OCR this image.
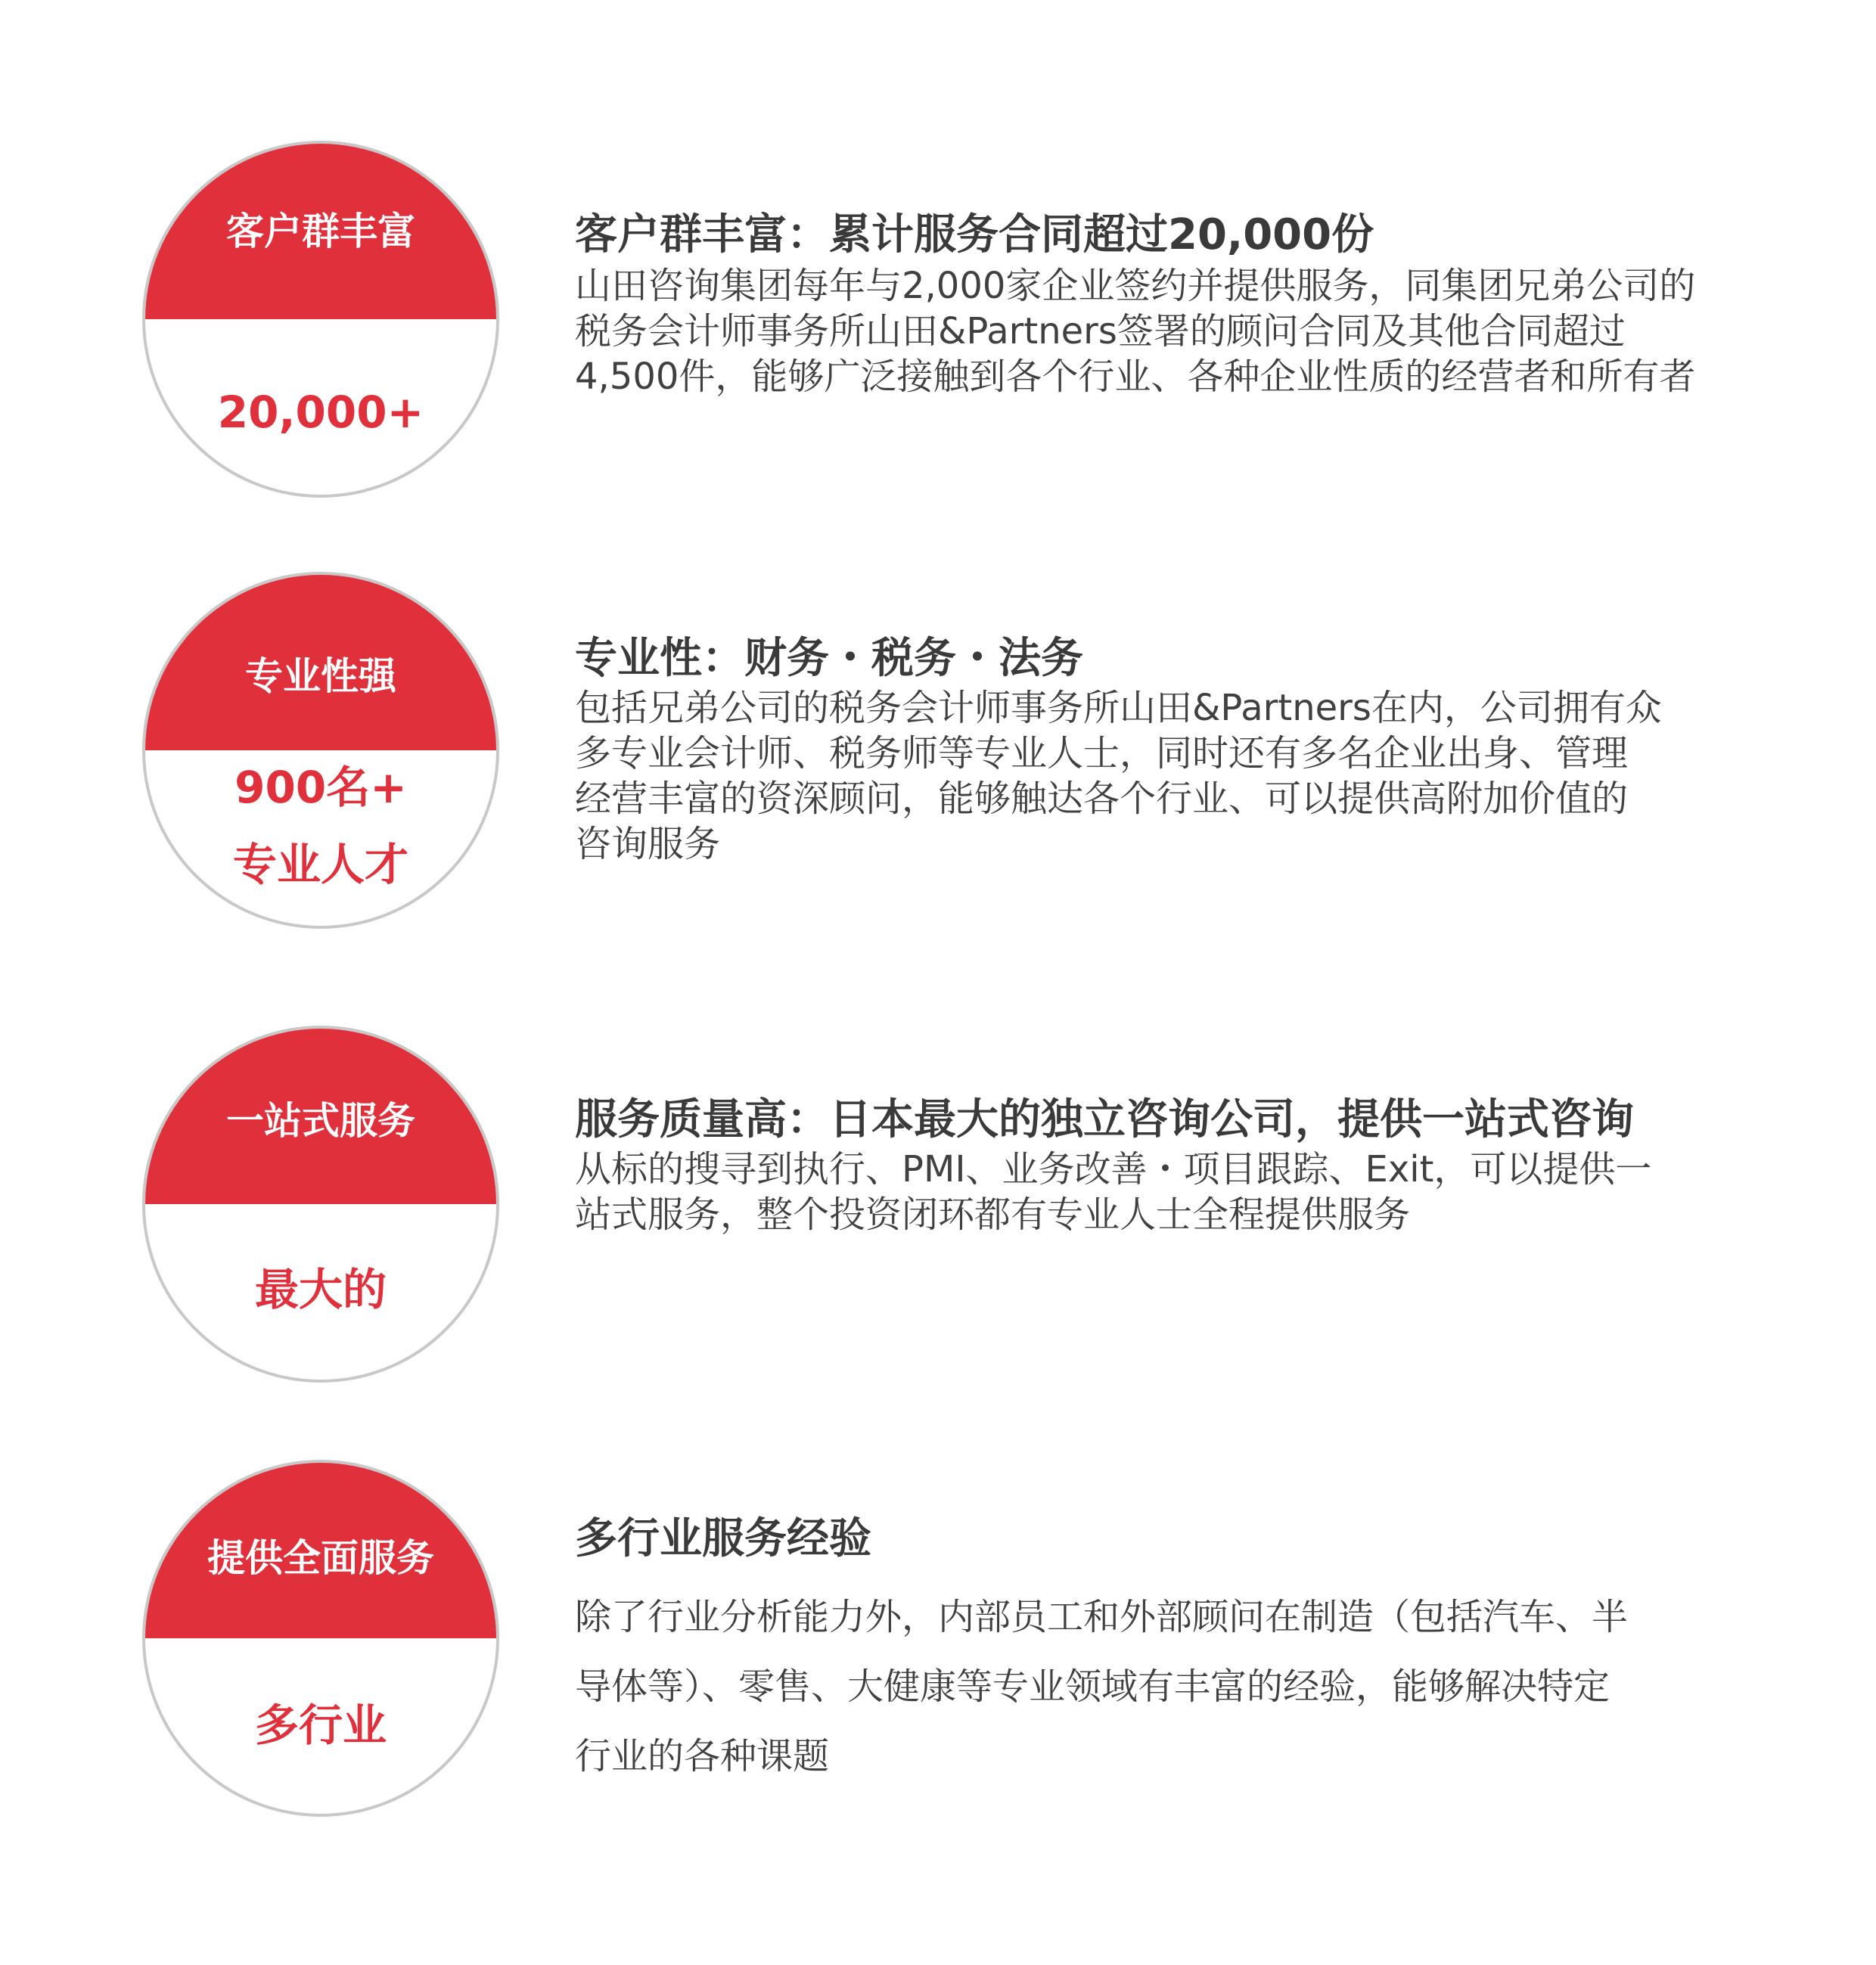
客户群丰富
20,000+
客户群丰富：累计服务合同超过20,000份
山田咨询集团每年与2,000家企业签约并提供服务，同集团兄弟公司的
税务会计师事务所山田&Partners签署的顾问合同及其他合同超过
4,500件，能够广泛接触到各个行业、各种企业性质的经营者和所有者
专业性强
900名+
专业人才
专业性：财务・税务・法务
包括兄弟公司的税务会计师事务所山田&Partners在内，公司拥有众
多专业会计师、税务师等专业人士，同时还有多名企业出身、管理
经营丰富的资深顾问，能够触达各个行业、可以提供高附加价值的
咨询服务
一站式服务
最大的
服务质量高：日本最大的独立咨询公司，提供一站式咨询
从标的搜寻到执行、PMI、业务改善・项目跟踪、Exit，可以提供一
站式服务，整个投资闭环都有专业人士全程提供服务
提供全面服务
多行业
多行业服务经验
除了行业分析能力外，内部员工和外部顾问在制造（包括汽车、半
导体等）、零售、大健康等专业领域有丰富的经验，能够解决特定
行业的各种课题
